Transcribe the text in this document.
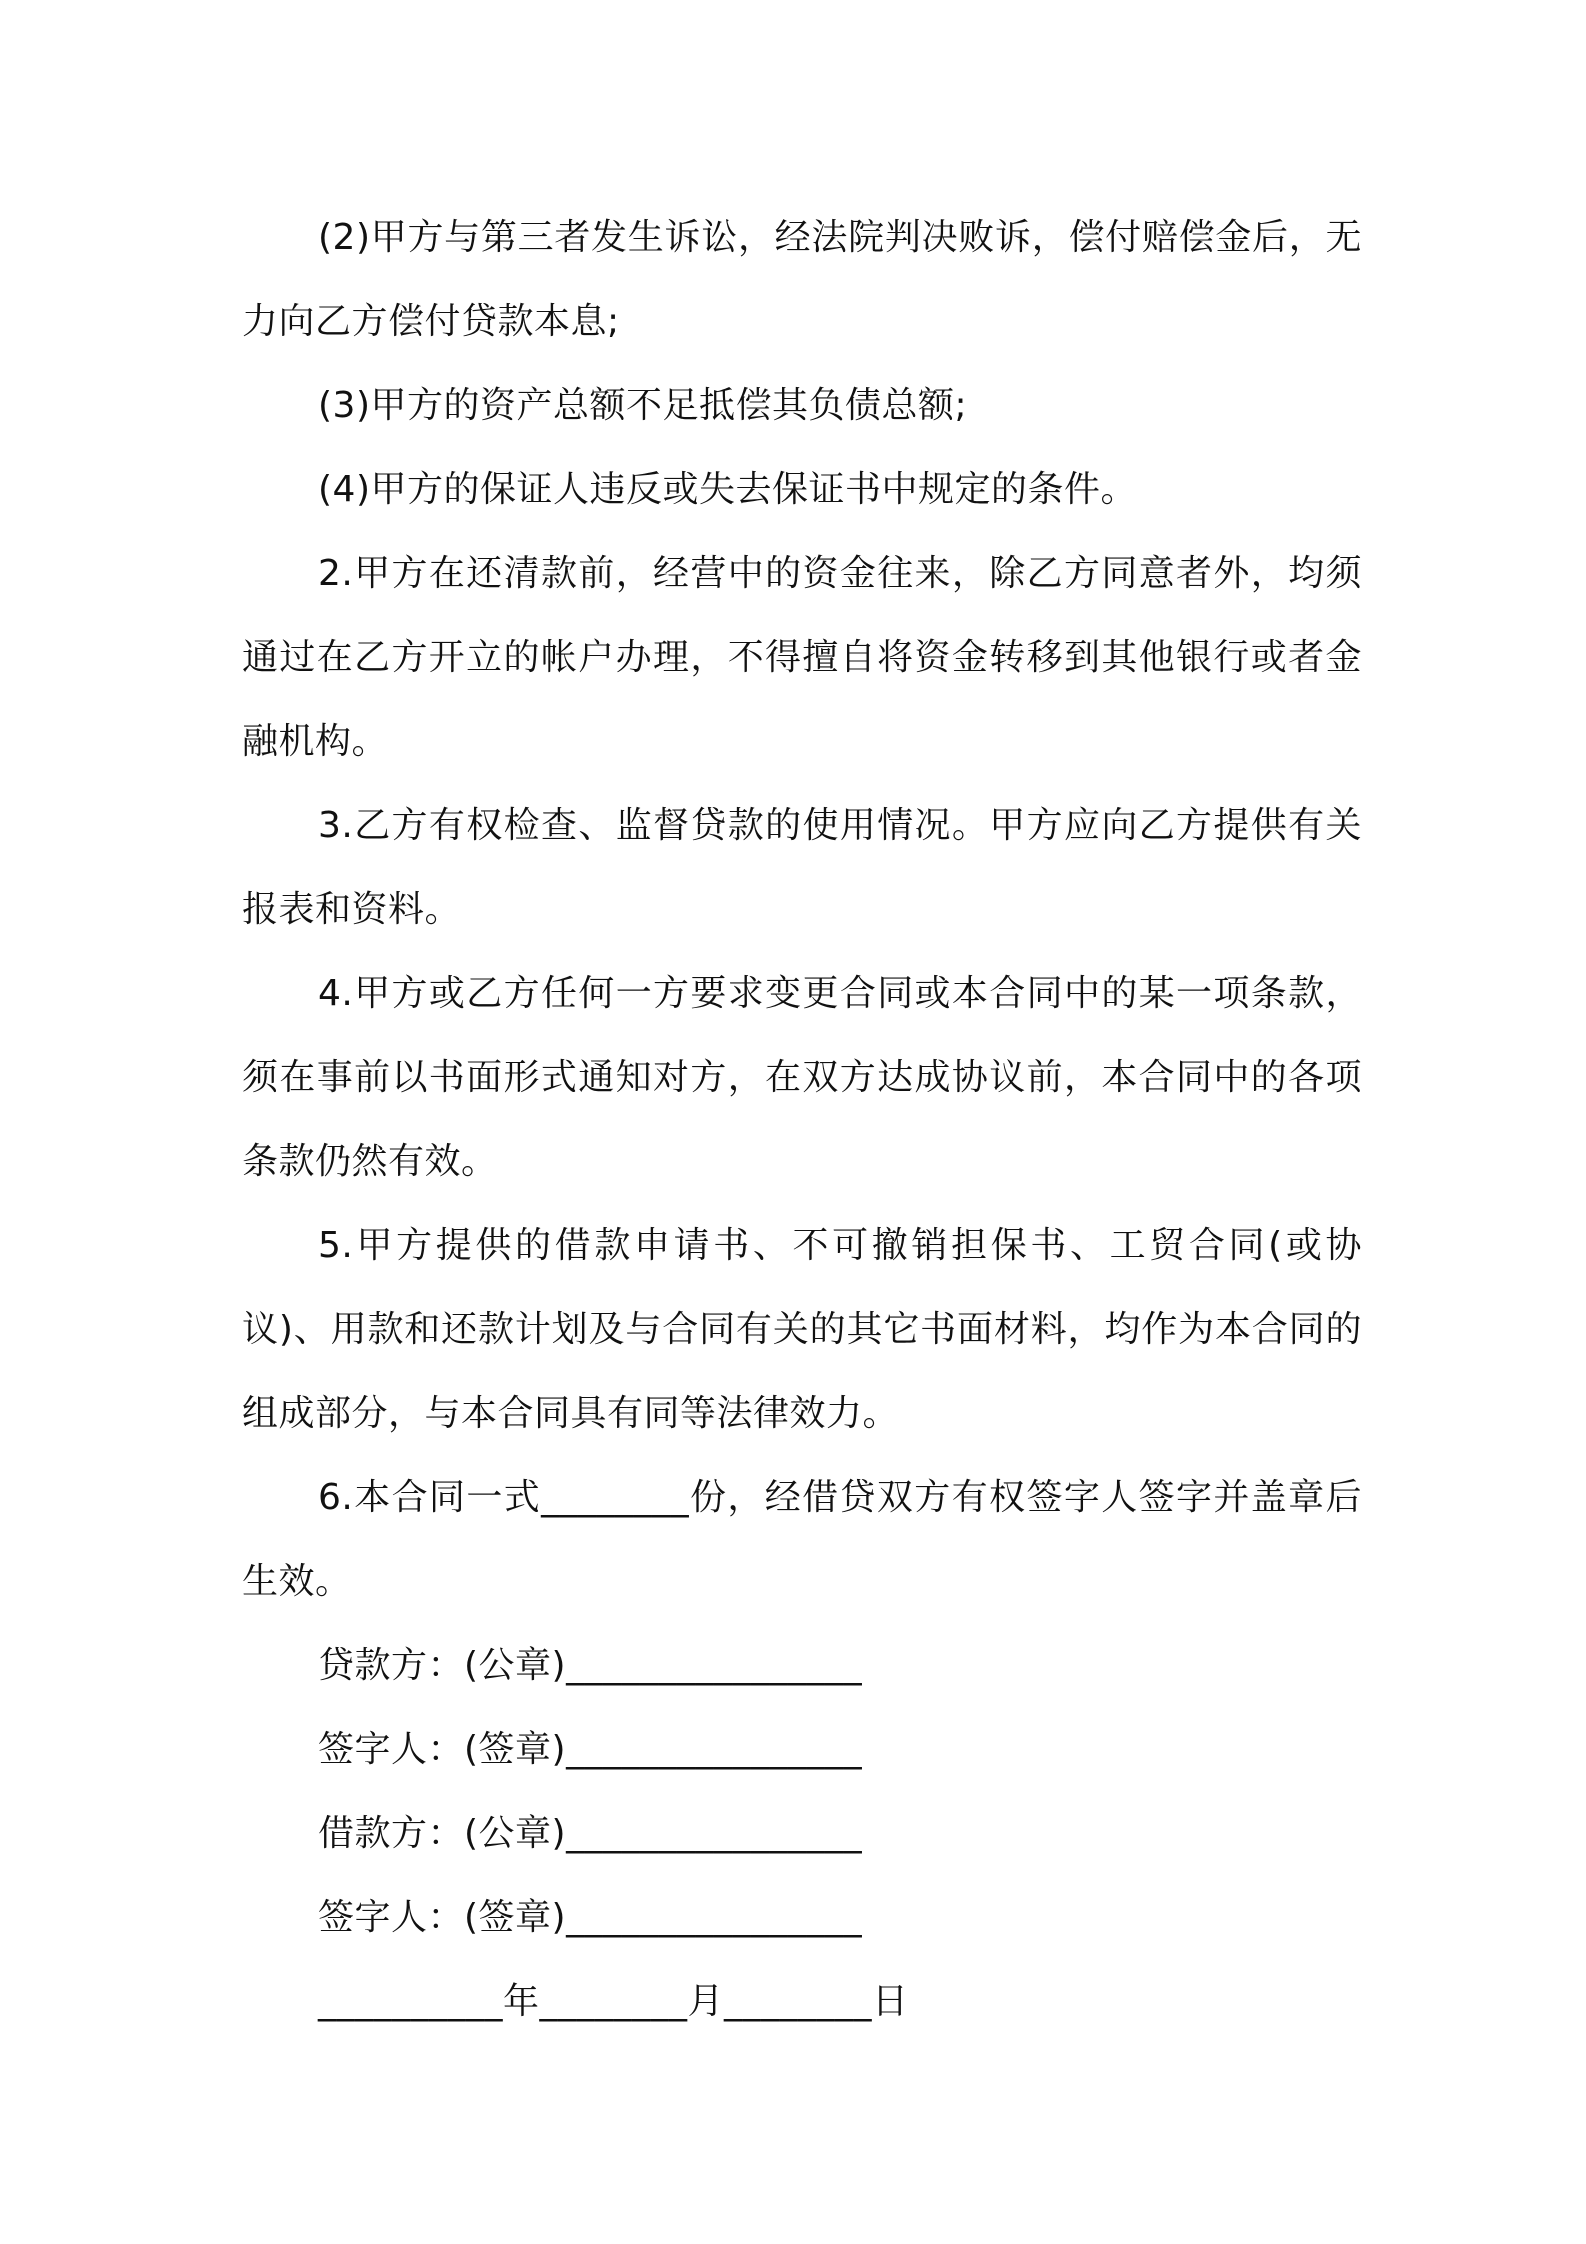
(2)甲方与第三者发生诉讼，经法院判决败诉，偿付赔偿金后，无力向乙方偿付贷款本息;

(3)甲方的资产总额不足抵偿其负债总额;

(4)甲方的保证人违反或失去保证书中规定的条件。

2.甲方在还清款前，经营中的资金往来，除乙方同意者外，均须通过在乙方开立的帐户办理，不得擅自将资金转移到其他银行或者金融机构。

3.乙方有权检查、监督贷款的使用情况。甲方应向乙方提供有关报表和资料。

4.甲方或乙方任何一方要求变更合同或本合同中的某一项条款，须在事前以书面形式通知对方，在双方达成协议前，本合同中的各项条款仍然有效。

5.甲方提供的借款申请书、不可撤销担保书、工贸合同(或协议)、用款和还款计划及与合同有关的其它书面材料，均作为本合同的组成部分，与本合同具有同等法律效力。

6.本合同一式________份，经借贷双方有权签字人签字并盖章后生效。

贷款方：(公章)________________

签字人：(签章)________________

借款方：(公章)________________

签字人：(签章)________________

__________年________月________日
